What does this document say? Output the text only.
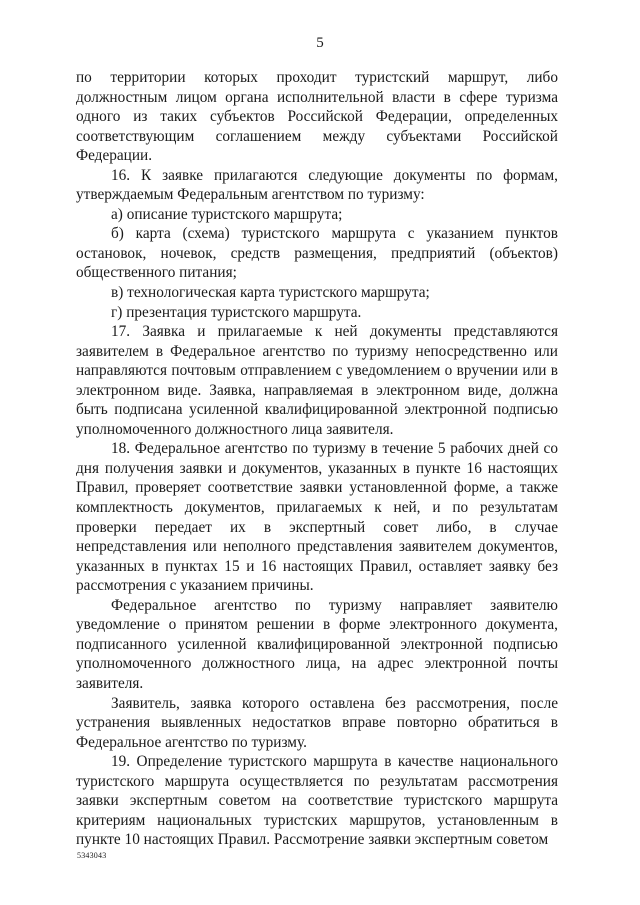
5

по территории которых проходит туристский маршрут, либо должностным лицом органа исполнительной власти в сфере туризма одного из таких субъектов Российской Федерации, определенных соответствующим соглашением между субъектами Российской Федерации.

16. К заявке прилагаются следующие документы по формам, утверждаемым Федеральным агентством по туризму:

а) описание туристского маршрута;

б) карта (схема) туристского маршрута с указанием пунктов остановок, ночевок, средств размещения, предприятий (объектов) общественного питания;

в) технологическая карта туристского маршрута;

г) презентация туристского маршрута.

17. Заявка и прилагаемые к ней документы представляются заявителем в Федеральное агентство по туризму непосредственно или направляются почтовым отправлением с уведомлением о вручении или в электронном виде. Заявка, направляемая в электронном виде, должна быть подписана усиленной квалифицированной электронной подписью уполномоченного должностного лица заявителя.

18. Федеральное агентство по туризму в течение 5 рабочих дней со дня получения заявки и документов, указанных в пункте 16 настоящих Правил, проверяет соответствие заявки установленной форме, а также комплектность документов, прилагаемых к ней, и по результатам проверки передает их в экспертный совет либо, в случае непредставления или неполного представления заявителем документов, указанных в пунктах 15 и 16 настоящих Правил, оставляет заявку без рассмотрения с указанием причины.

Федеральное агентство по туризму направляет заявителю уведомление о принятом решении в форме электронного документа, подписанного усиленной квалифицированной электронной подписью уполномоченного должностного лица, на адрес электронной почты заявителя.

Заявитель, заявка которого оставлена без рассмотрения, после устранения выявленных недостатков вправе повторно обратиться в Федеральное агентство по туризму.

19. Определение туристского маршрута в качестве национального туристского маршрута осуществляется по результатам рассмотрения заявки экспертным советом на соответствие туристского маршрута критериям национальных туристских маршрутов, установленным в пункте 10 настоящих Правил. Рассмотрение заявки экспертным советом

5343043
